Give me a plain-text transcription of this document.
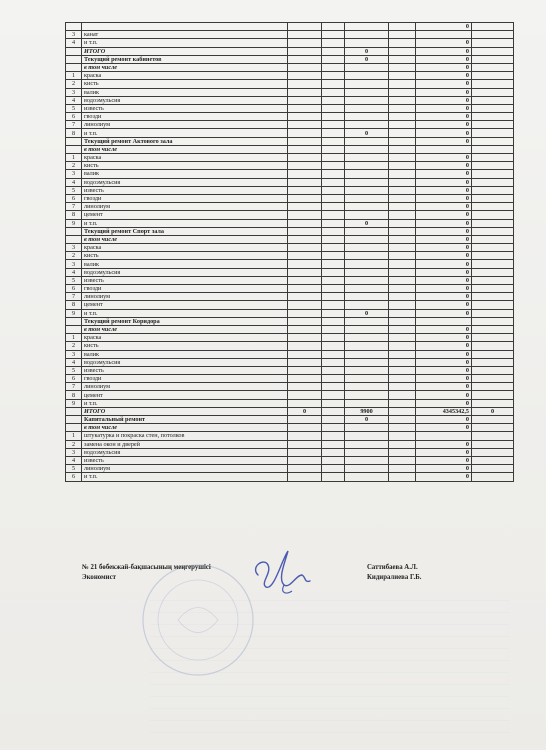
						0	
3	канат						
4	и т.п.					0	
	ИТОГО			0		0	
	Текущий ремонт кабинетов			0		0	
	в том числе					0	
1	краска					0	
2	кисть					0	
3	валик					0	
4	водоэмульсия					0	
5	известь					0	
6	гвозди					0	
7	линолиум					0	
8	и т.п.			0		0	
	Текущий ремонт Актового зала					0	
	в том числе						
1	краска					0	
2	кисть					0	
3	валик					0	
4	водоэмульсия					0	
5	известь					0	
6	гвозди					0	
7	линолиум					0	
8	цемент					0	
9	и т.п.			0		0	
	Текущий ремонт Спорт зала					0	
	в том числе					0	
3	краска					0	
2	кисть					0	
3	валик					0	
4	водоэмульсия					0	
5	известь					0	
6	гвозди					0	
7	линолиум					0	
8	цемент					0	
9	и т.п.			0		0	
	Текущий ремонт Коридора						
	в том числе					0	
1	краска					0	
2	кисть					0	
3	валик					0	
4	водоэмульсия					0	
5	известь					0	
6	гвозди					0	
7	линолиум					0	
8	цемент					0	
9	и т.п.					0	
	ИТОГО	0		9900		4345342,5	0
	Капитальный ремонт			0		0	
	в том числе					0	
1	штукатурка и покраска стен, потолков						
2	замена окон и дверей					0	
3	водоэмульсия					0	
4	известь					0	
5	линолиум					0	
6	и т.п.					0	
№ 21 бөбекжай-бақшасының меңгерушісі
Экономист
Саттибаева А.Л.
Кидиралиева Г.Б.
